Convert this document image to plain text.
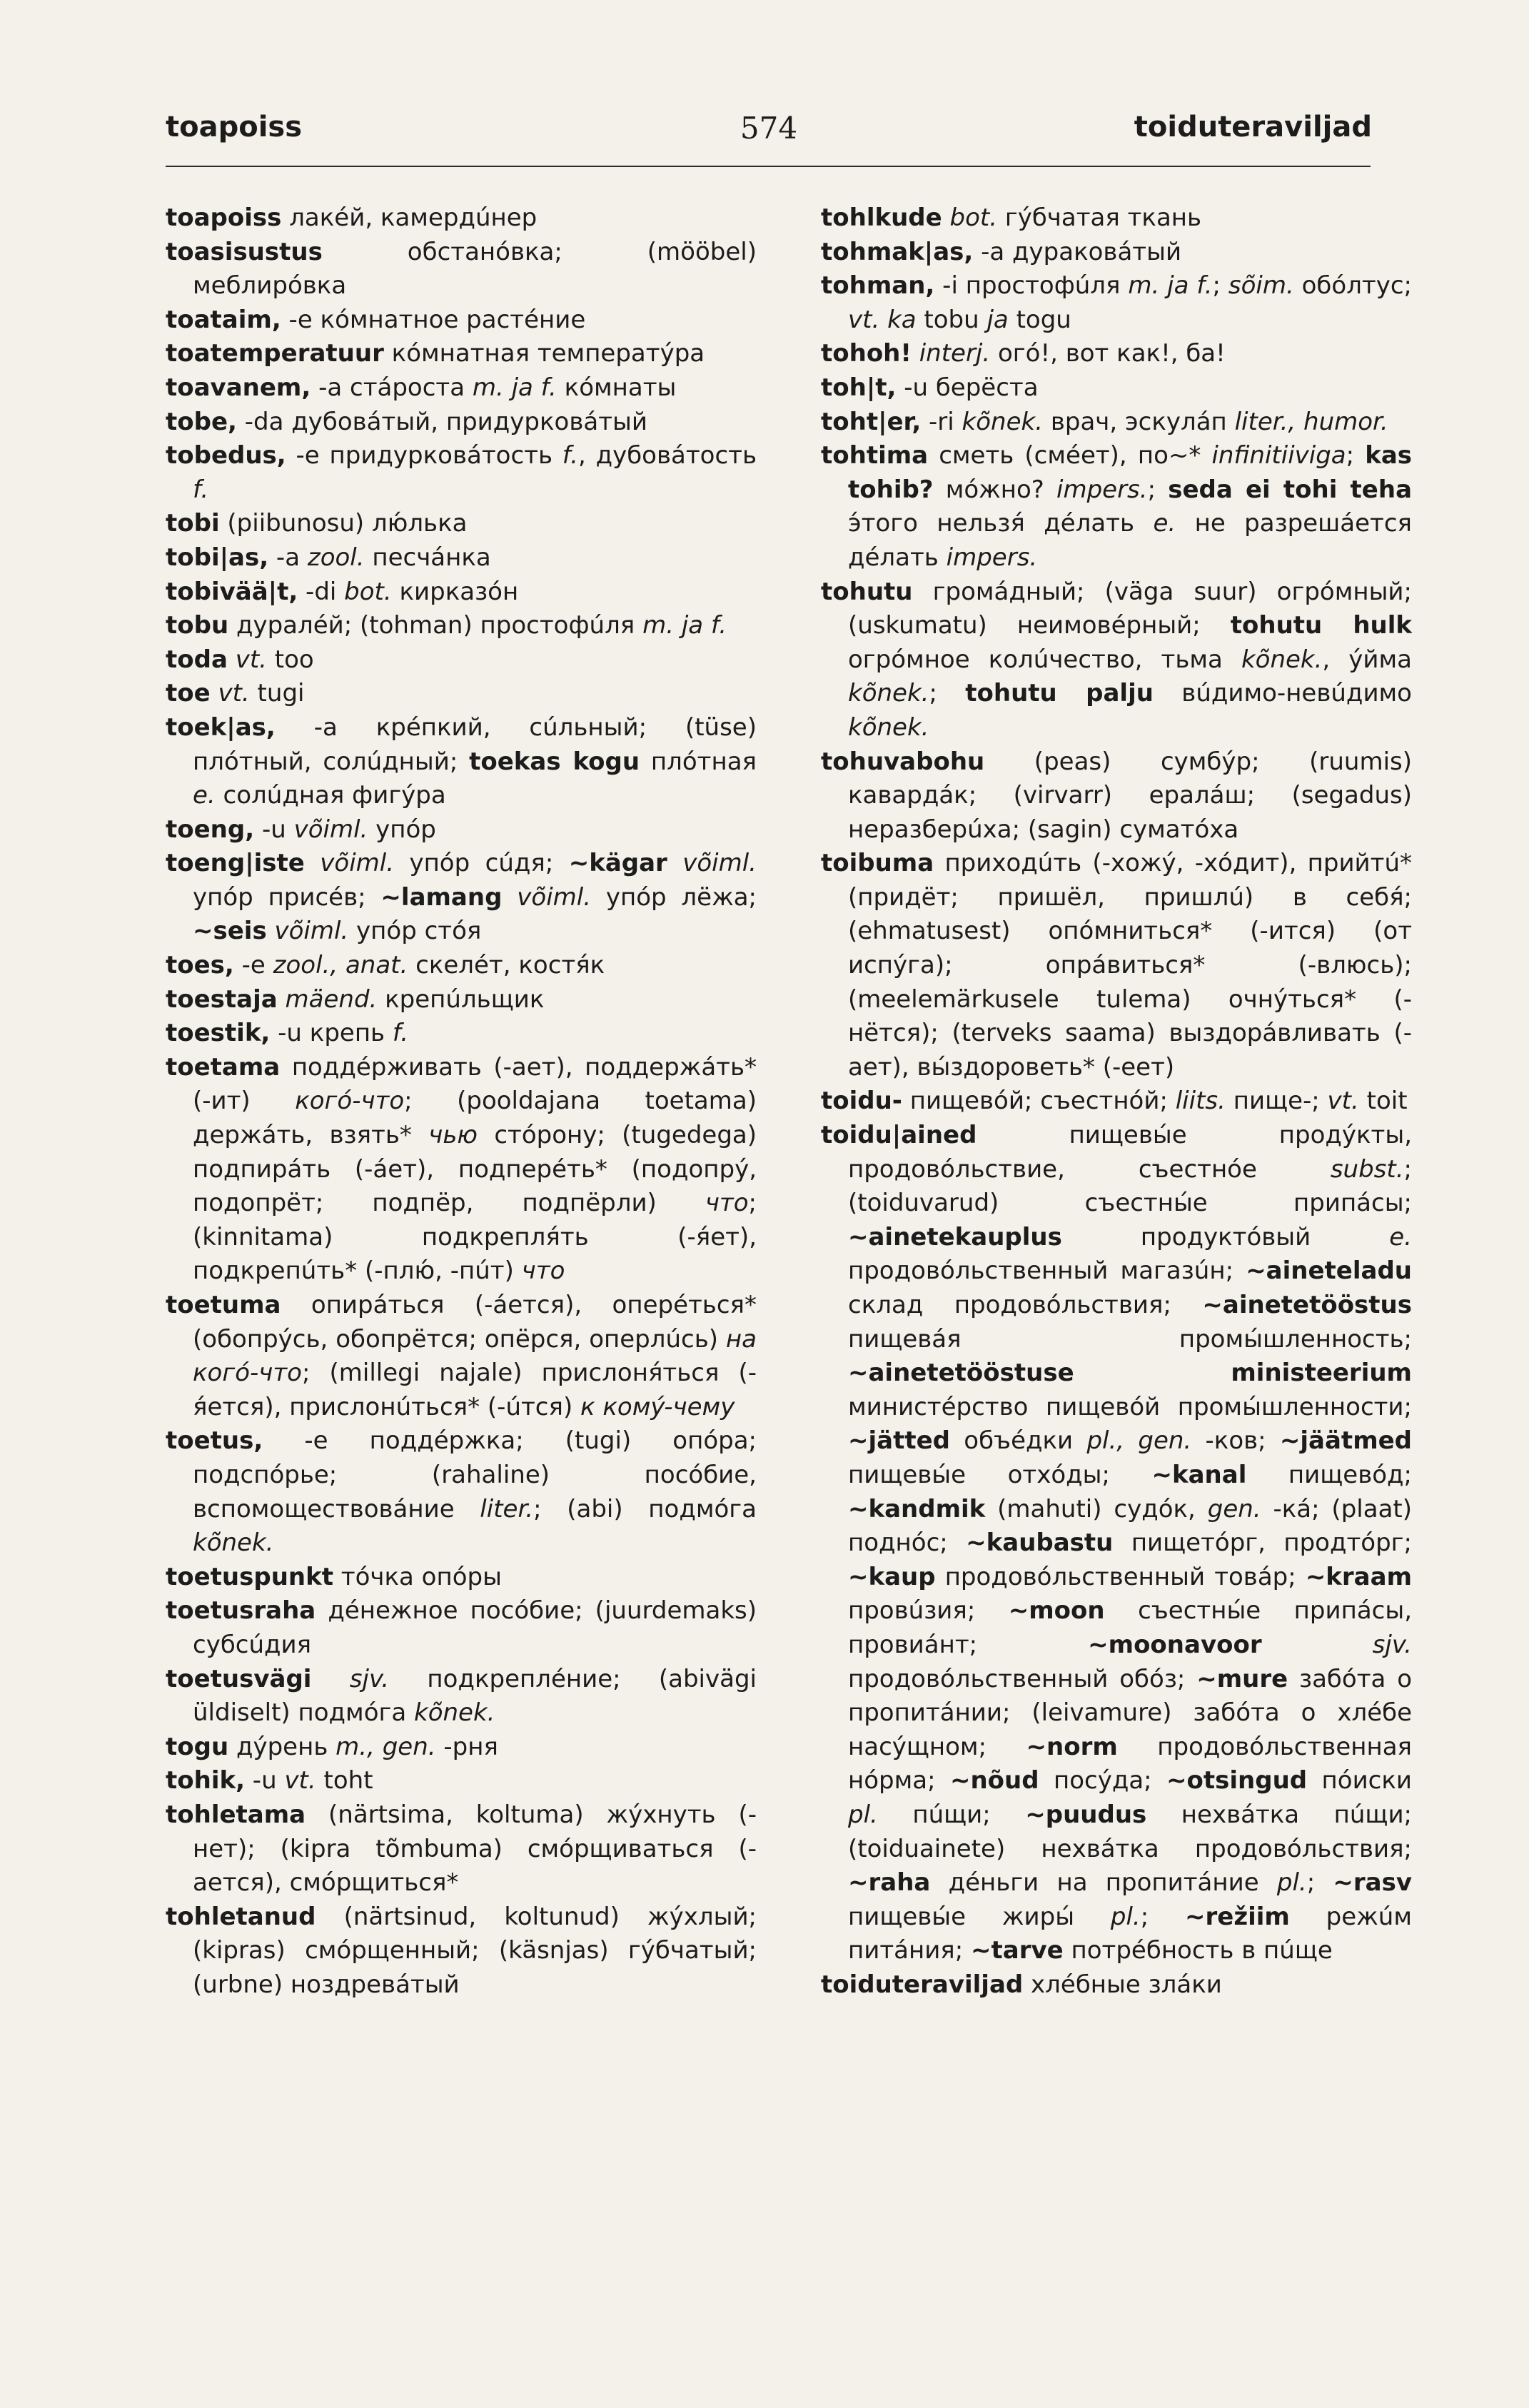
toapoiss	574	toiduteraviljad

toapoiss лакéй, камердúнер

toasisustus обстанóвка; (mööbel) меблирóвка

toataim, -e кóмнатное растéние

toatemperatuur кóмнатная температýра

toavanem, -a стáроста m. ja f. кóмнаты

tobe, -da дубовáтый, придурковáтый

tobedus, -e придурковáтость f., дубовáтость f.

tobi (piibunosu) лю́лька

tobi|as, -a zool. песчáнка

tobivää|t, -di bot. кирказóн

tobu дуралéй; (tohman) простофúля m. ja f.

toda vt. too

toe vt. tugi

toek|as, -a крéпкий, сúльный; (tüse) плóтный, солúдный; toekas kogu плóтная e. солúдная фигýра

toeng, -u võiml. упóр

toeng|iste võiml. упóр сúдя; ~kägar võiml. упóр присéв; ~lamang võiml. упóр лёжа; ~seis võiml. упóр стóя

toes, -e zool., anat. скелéт, костя́к

toestaja mäend. крепúльщик

toestik, -u крепь f.

toetama поддéрживать (-ает), поддержáть* (-ит) когó-что; (pooldajana toetama) держáть, взять* чью стóрону; (tugedega) подпирáть (-áет), подперéть* (подопрý, подопрёт; подпёр, подпёрли) что; (kinnitama) подкрепля́ть (-я́ет), подкрепúть* (-плю́, -пúт) что

toetuma опирáться (-áется), оперéться* (обопрýсь, обопрётся; опёрся, оперлúсь) на когó-что; (millegi najale) прислоня́ться (-я́ется), прислонúться* (-úтся) к комý-чему

toetus, -e поддéржка; (tugi) опóра; подспóрье; (rahaline) посóбие, вспомоществовáние liter.; (abi) подмóга kõnek.

toetuspunkt тóчка опóры

toetusraha дéнежное посóбие; (juurdemaks) субсúдия

toetusvägi sjv. подкреплéние; (abivägi üldiselt) подмóга kõnek.

togu дýрень m., gen. -рня

tohik, -u vt. toht

tohletama (närtsima, koltuma) жýхнуть (-нет); (kipra tõmbuma) смóрщиваться (-ается), смóрщиться*

tohletanud (närtsinud, koltunud) жýхлый; (kipras) смóрщенный; (käsnjas) гýбчатый; (urbne) ноздревáтый

tohlkude bot. гýбчатая ткань

tohmak|as, -a дуракова́тый

tohman, -i простофúля m. ja f.; sõim. обóлтус; vt. ka tobu ja togu

tohoh! interj. огó!, вот как!, ба!

toh|t, -u берёста

toht|er, -ri kõnek. врач, эскулáп liter., humor.

tohtima сметь (смéет), по~* infinitiiviga; kas tohib? мóжно? impers.; seda ei tohi teha э́того нельзя́ дéлать e. не разрешáется дéлать impers.

tohutu громáдный; (väga suur) огрóмный; (uskumatu) неимовéрный; tohutu hulk огрóмное колúчество, тьма kõnek., ýйма kõnek.; tohutu palju вúдимо-невúдимо kõnek.

tohuvabohu (peas) сумбýр; (ruumis) кавардáк; (virvarr) ералáш; (segadus) неразберúха; (sagin) суматóха

toibuma приходúть (-хожý, -хóдит), прийтú* (придёт; пришёл, пришлú) в себя́; (ehmatusest) опóмниться* (-ится) (от испýга); опрáвиться* (-влюсь); (meelemärkusele tulema) очнýться* (-нётся); (terveks saama) выздорáвливать (-ает), вы́здороветь* (-еет)

toidu- пищевóй; съестнóй; liits. пище-; vt. toit

toidu|ained пищевы́е продýкты, продовóльствие, съестнóе subst.; (toiduvarud) съестны́е припáсы; ~ainetekauplus продуктóвый e. продовóльственный магазúн; ~aineteladu склад продовóльствия; ~ainetetööstus пищевáя промы́шленность; ~ainetetööstuse ministeerium министéрство пищевóй промы́шленности; ~jätted объéдки pl., gen. -ков; ~jäätmed пищевы́е отхóды; ~kanal пищевóд; ~kandmik (mahuti) судóк, gen. -кá; (plaat) поднóс; ~kaubastu пищетóрг, продтóрг; ~kaup продовóльственный товáр; ~kraam провúзия; ~moon съестны́е припáсы, провиáнт; ~moonavoor	sjv. продовóльственный обóз; ~mure забóта о пропитáнии; (leivamure) забóта о хлéбе насýщном; ~norm продовóльственная нóрма; ~nõud посýда; ~otsingud пóиски pl. пúщи; ~puudus нехвáтка пúщи; (toiduainete) нехвáтка продовóльствия; ~raha дéньги на пропитáние pl.; ~rasv пищевы́е жиры́ pl.; ~režiim режúм питáния; ~tarve потрéбность в пúще

toiduteraviljad хлéбные злáки
